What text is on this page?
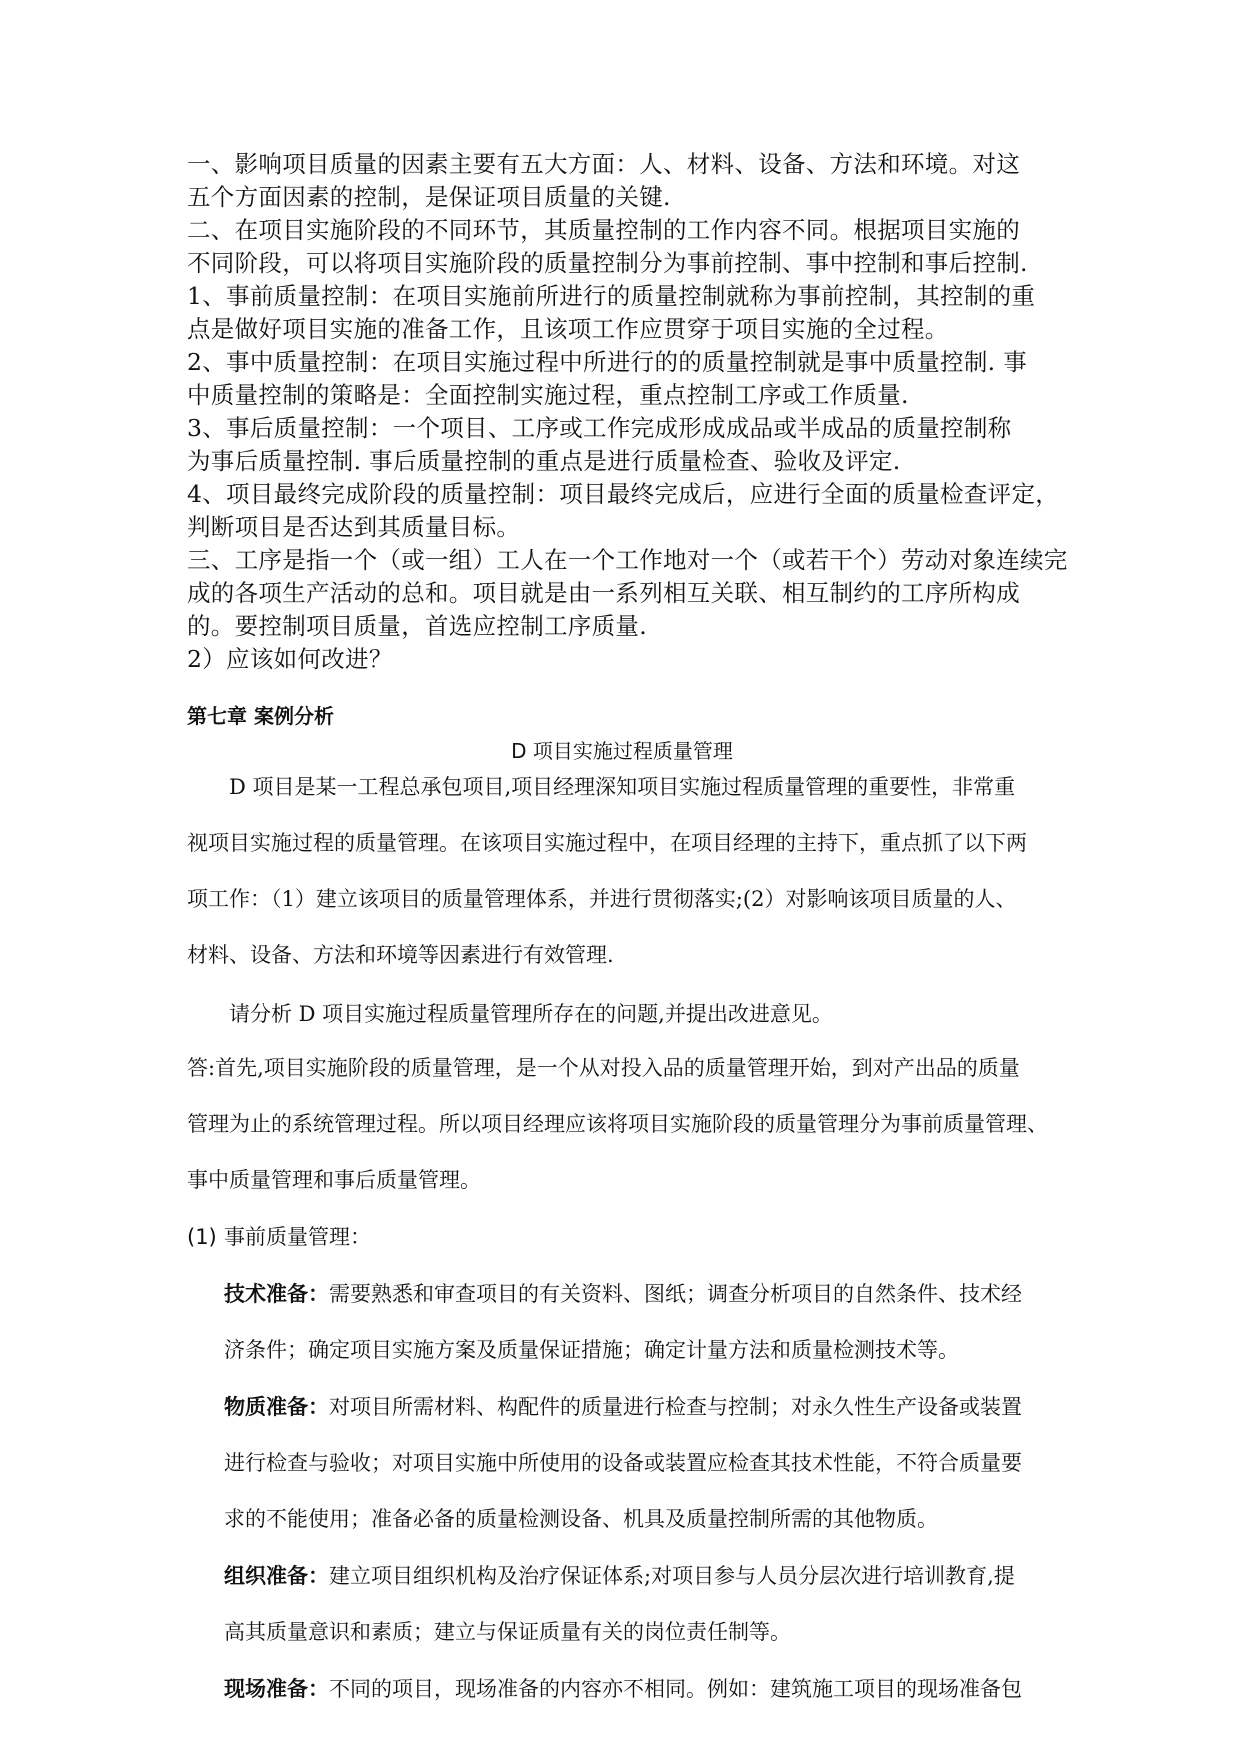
一、影响项目质量的因素主要有五大方面：人、材料、设备、方法和环境。对这

五个方面因素的控制，是保证项目质量的关键.

二、在项目实施阶段的不同环节，其质量控制的工作内容不同。根据项目实施的

不同阶段，可以将项目实施阶段的质量控制分为事前控制、事中控制和事后控制.

1、事前质量控制：在项目实施前所进行的质量控制就称为事前控制，其控制的重

点是做好项目实施的准备工作，且该项工作应贯穿于项目实施的全过程。

2、事中质量控制：在项目实施过程中所进行的的质量控制就是事中质量控制. 事

中质量控制的策略是：全面控制实施过程，重点控制工序或工作质量.

3、事后质量控制：一个项目、工序或工作完成形成成品或半成品的质量控制称

为事后质量控制. 事后质量控制的重点是进行质量检查、验收及评定.

4、项目最终完成阶段的质量控制：项目最终完成后，应进行全面的质量检查评定，

判断项目是否达到其质量目标。

三、工序是指一个（或一组）工人在一个工作地对一个（或若干个）劳动对象连续完

成的各项生产活动的总和。项目就是由一系列相互关联、相互制约的工序所构成

的。要控制项目质量，首选应控制工序质量.

2）应该如何改进？

第七章 案例分析

D 项目实施过程质量管理

D 项目是某一工程总承包项目,项目经理深知项目实施过程质量管理的重要性，非常重

视项目实施过程的质量管理。在该项目实施过程中，在项目经理的主持下，重点抓了以下两

项工作：（1）建立该项目的质量管理体系，并进行贯彻落实;(2）对影响该项目质量的人、

材料、设备、方法和环境等因素进行有效管理.

请分析 D 项目实施过程质量管理所存在的问题,并提出改进意见。

答:首先,项目实施阶段的质量管理，是一个从对投入品的质量管理开始，到对产出品的质量

管理为止的系统管理过程。所以项目经理应该将项目实施阶段的质量管理分为事前质量管理、

事中质量管理和事后质量管理。

(1) 事前质量管理：

技术准备：需要熟悉和审查项目的有关资料、图纸；调查分析项目的自然条件、技术经

济条件；确定项目实施方案及质量保证措施；确定计量方法和质量检测技术等。

物质准备：对项目所需材料、构配件的质量进行检查与控制；对永久性生产设备或装置

进行检查与验收；对项目实施中所使用的设备或装置应检查其技术性能，不符合质量要

求的不能使用；准备必备的质量检测设备、机具及质量控制所需的其他物质。

组织准备：建立项目组织机构及治疗保证体系;对项目参与人员分层次进行培训教育,提

高其质量意识和素质；建立与保证质量有关的岗位责任制等。

现场准备：不同的项目，现场准备的内容亦不相同。例如：建筑施工项目的现场准备包
